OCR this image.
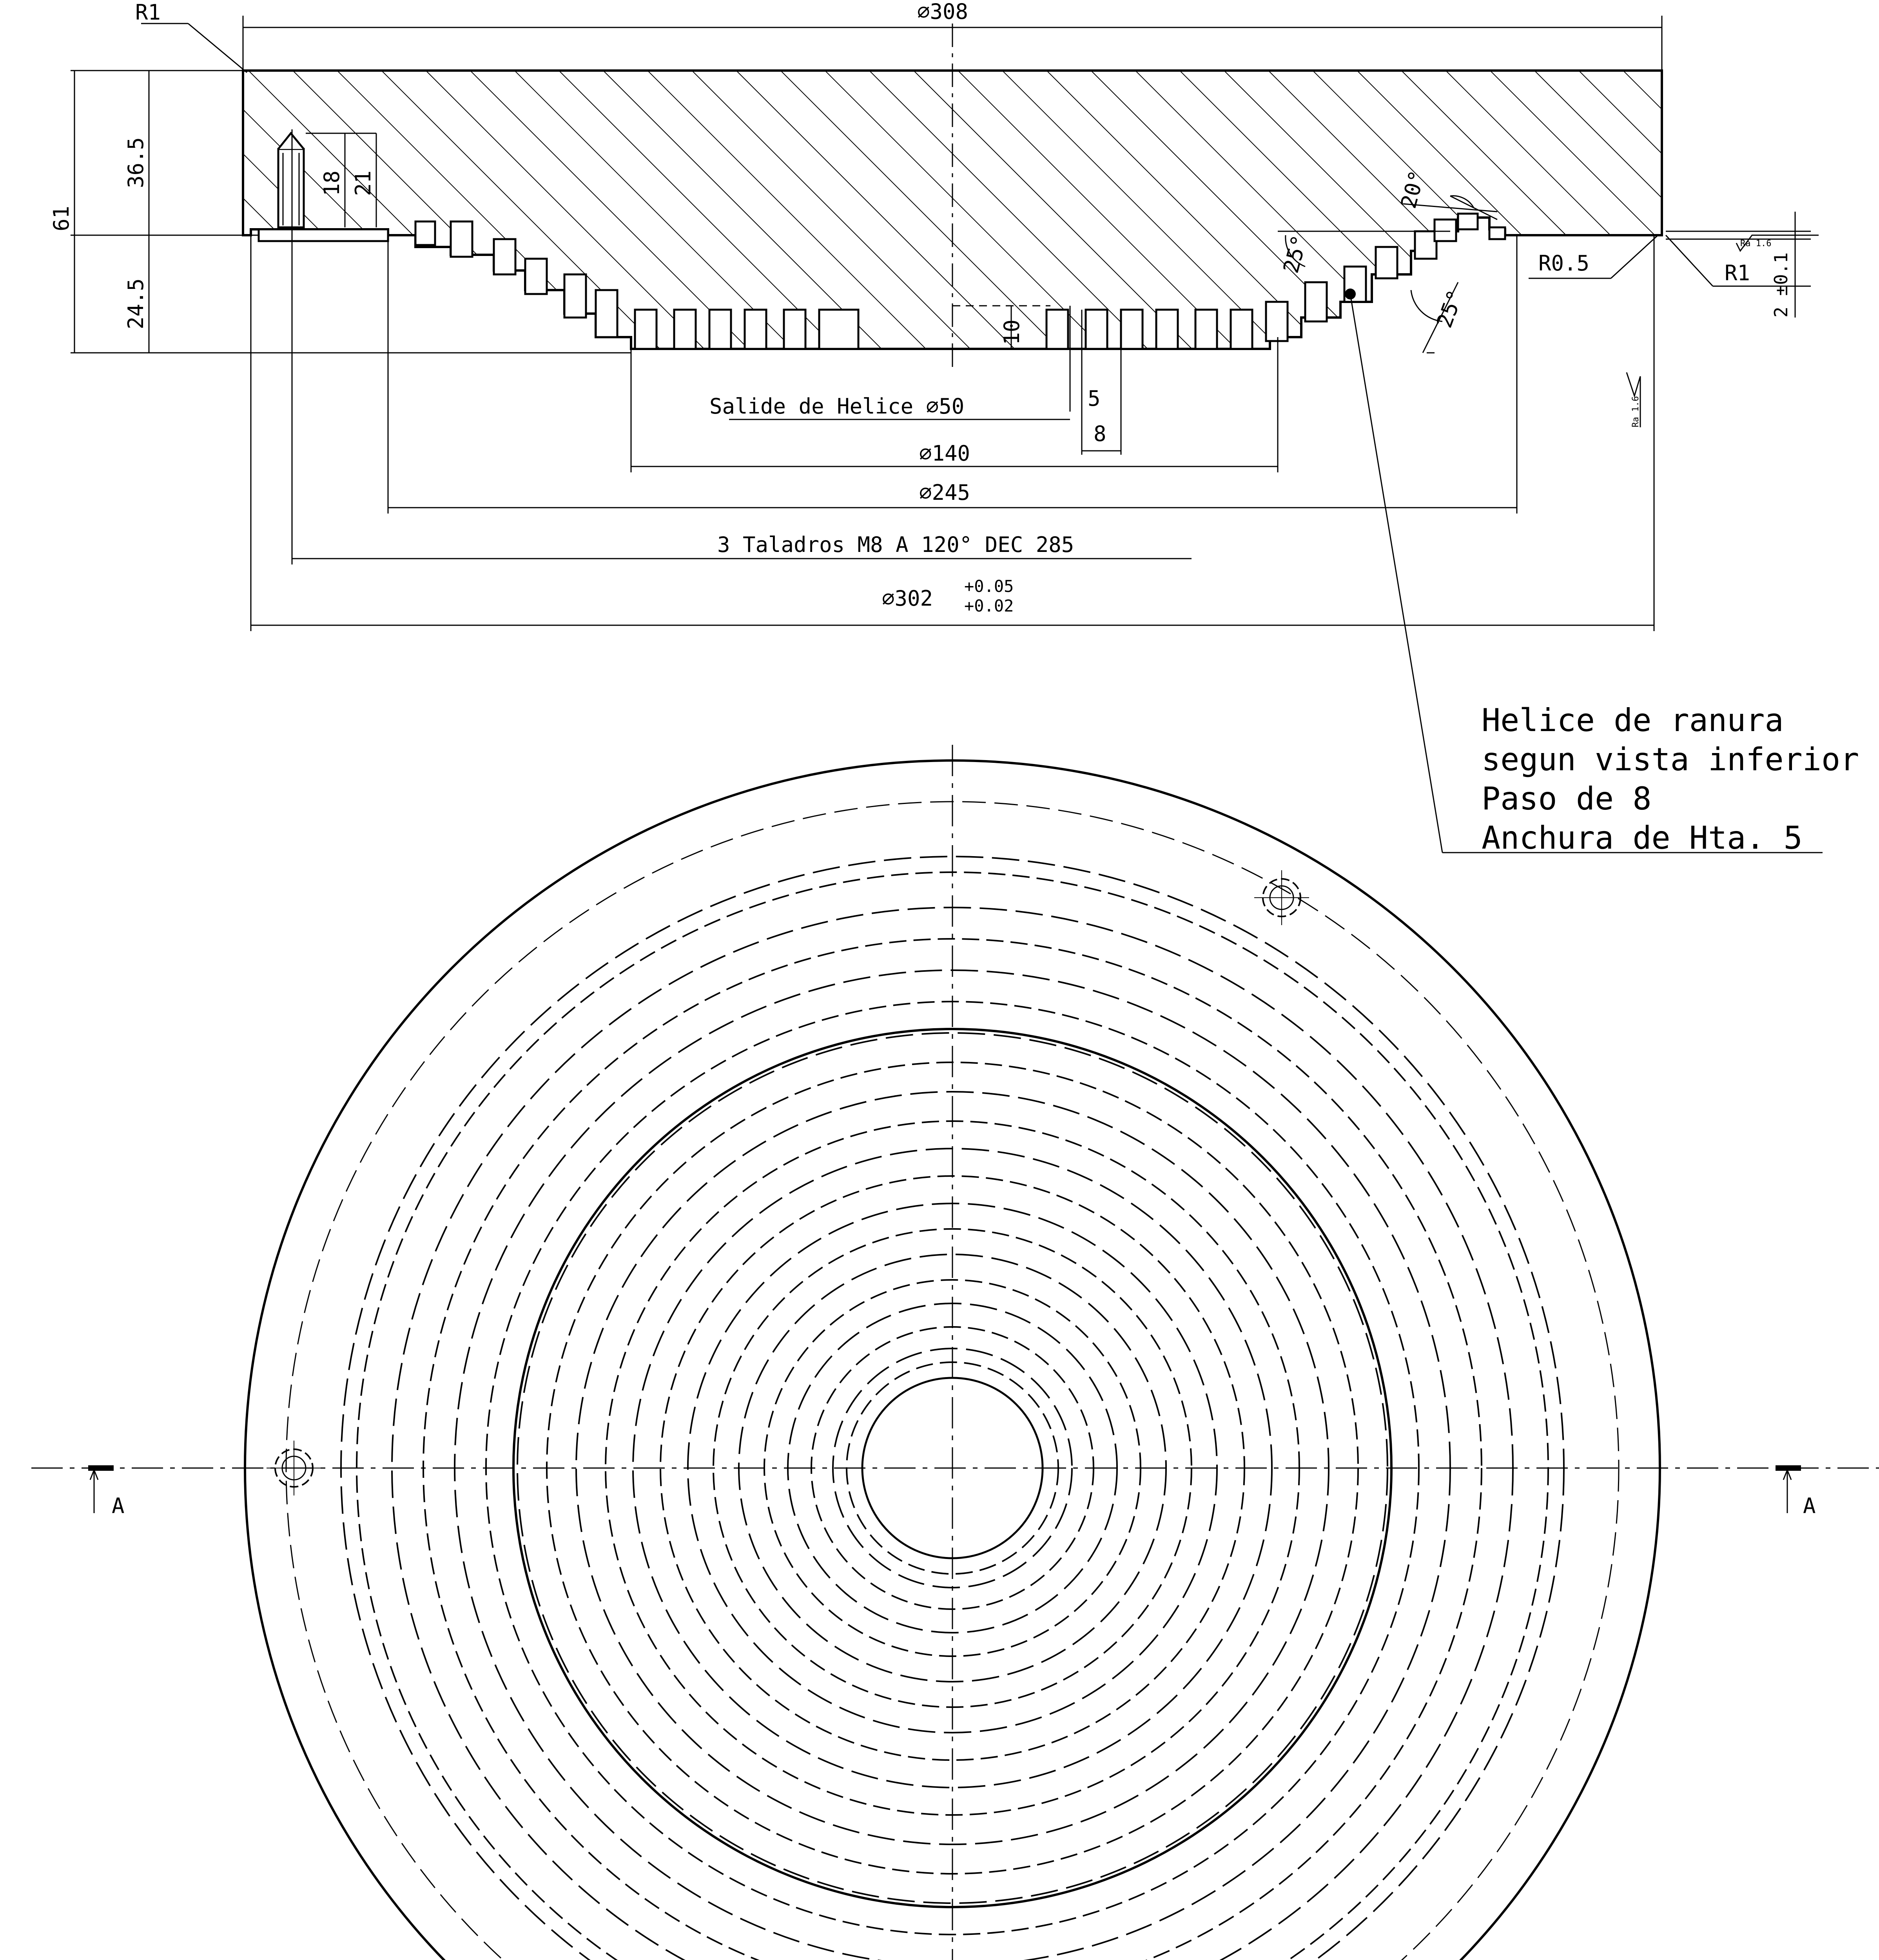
∅308
R1
61
36.5
24.5
18 21
10
5
8
Salide de Helice ∅50
∅140
∅245
3 Taladros M8 A 120° DEC 285
∅302 +0.05
+0.02
R0.5	R1 2 ±0.1
20°
25°
25°
Ra 1.6
Ra 1.6
Helice de ranura
segun vista inferior
Paso de 8
Anchura de Hta. 5
A	A
